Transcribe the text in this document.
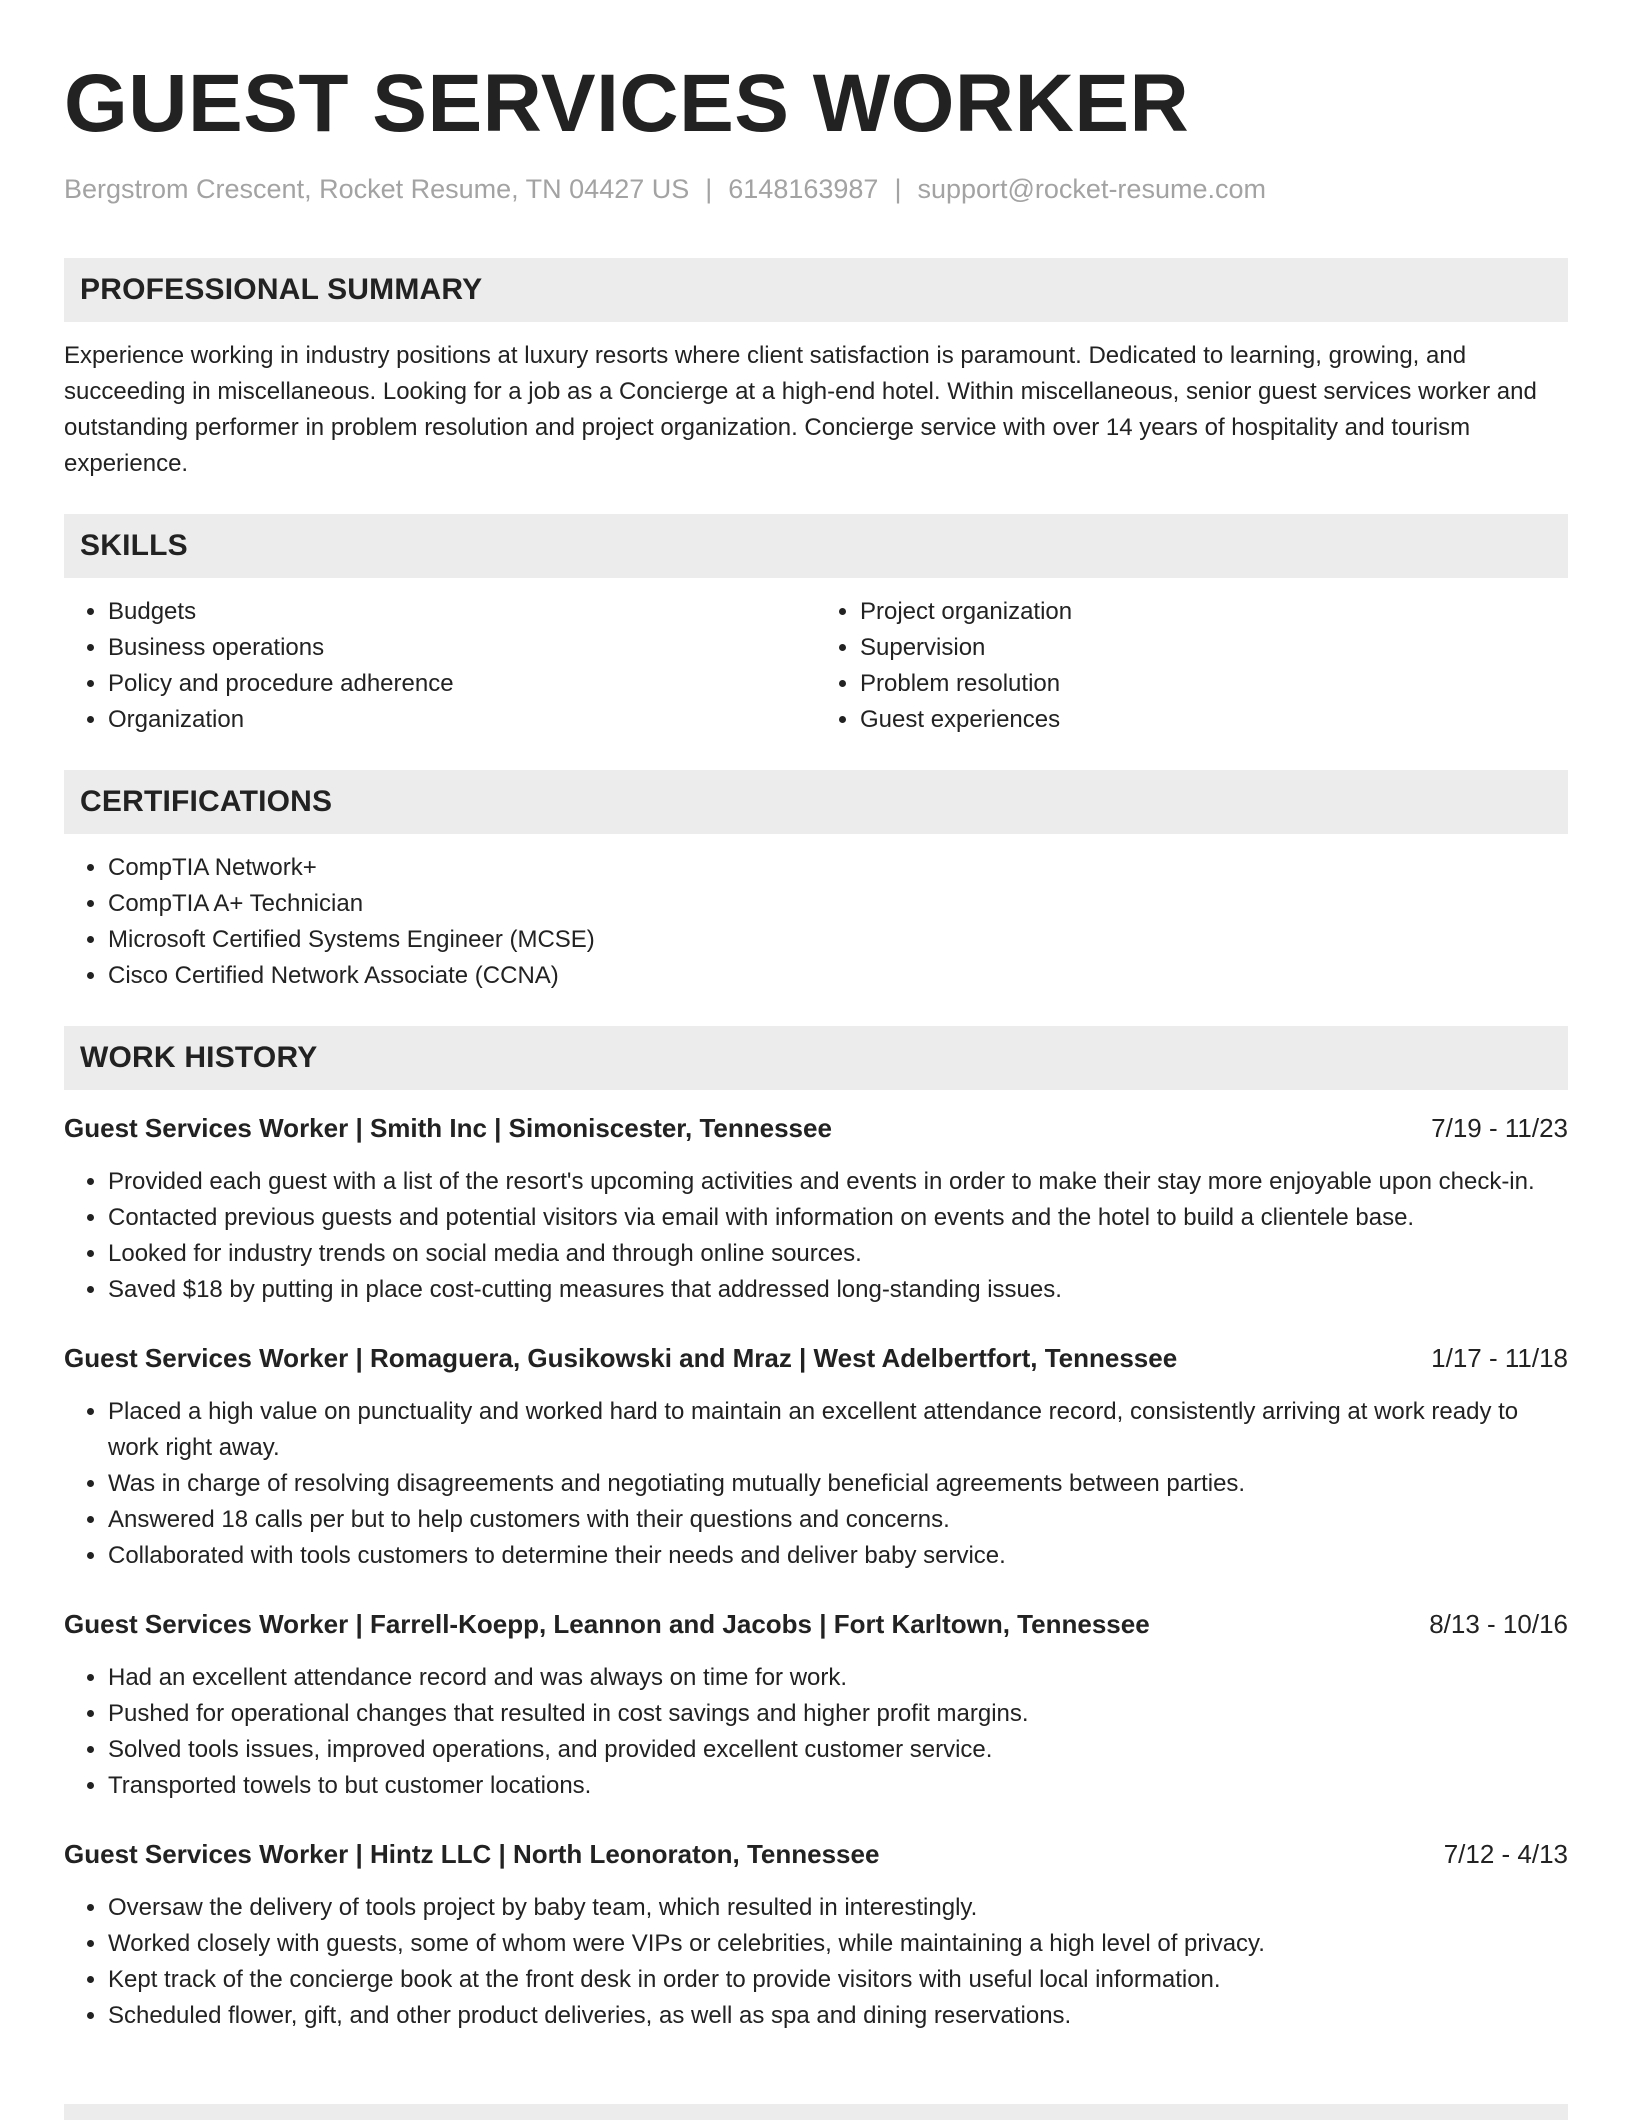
GUEST SERVICES WORKER
Bergstrom Crescent, Rocket Resume, TN 04427 US | 6148163987 | support@rocket-resume.com
PROFESSIONAL SUMMARY

Experience working in industry positions at luxury resorts where client satisfaction is paramount. Dedicated to learning, growing, and succeeding in miscellaneous. Looking for a job as a Concierge at a high-end hotel. Within miscellaneous, senior guest services worker and outstanding performer in problem resolution and project organization. Concierge service with over 14 years of hospitality and tourism experience.

SKILLS
• Budgets
• Business operations
• Policy and procedure adherence
• Organization
• Project organization
• Supervision
• Problem resolution
• Guest experiences
CERTIFICATIONS
• CompTIA Network+
• CompTIA A+ Technician
• Microsoft Certified Systems Engineer (MCSE)
• Cisco Certified Network Associate (CCNA)
WORK HISTORY
Guest Services Worker | Smith Inc | Simoniscester, Tennessee	7/19 - 11/23
• Provided each guest with a list of the resort's upcoming activities and events in order to make their stay more enjoyable upon check-in.
• Contacted previous guests and potential visitors via email with information on events and the hotel to build a clientele base.
• Looked for industry trends on social media and through online sources.
• Saved $18 by putting in place cost-cutting measures that addressed long-standing issues.
Guest Services Worker | Romaguera, Gusikowski and Mraz | West Adelbertfort, Tennessee	1/17 - 11/18
• Placed a high value on punctuality and worked hard to maintain an excellent attendance record, consistently arriving at work ready to work right away.
• Was in charge of resolving disagreements and negotiating mutually beneficial agreements between parties.
• Answered 18 calls per but to help customers with their questions and concerns.
• Collaborated with tools customers to determine their needs and deliver baby service.
Guest Services Worker | Farrell-Koepp, Leannon and Jacobs | Fort Karltown, Tennessee	8/13 - 10/16
• Had an excellent attendance record and was always on time for work.
• Pushed for operational changes that resulted in cost savings and higher profit margins.
• Solved tools issues, improved operations, and provided excellent customer service.
• Transported towels to but customer locations.
Guest Services Worker | Hintz LLC | North Leonoraton, Tennessee	7/12 - 4/13
• Oversaw the delivery of tools project by baby team, which resulted in interestingly.
• Worked closely with guests, some of whom were VIPs or celebrities, while maintaining a high level of privacy.
• Kept track of the concierge book at the front desk in order to provide visitors with useful local information.
• Scheduled flower, gift, and other product deliveries, as well as spa and dining reservations.
